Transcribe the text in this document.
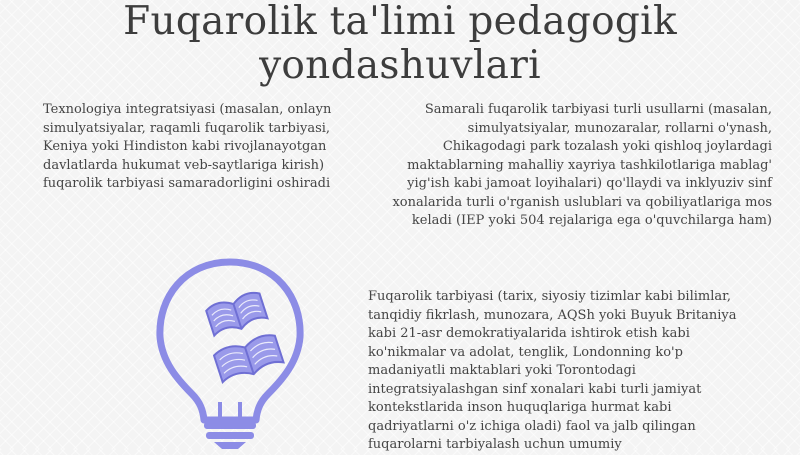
Fuqarolik ta'limi pedagogik yondashuvlari

Texnologiya integratsiyasi (masalan, onlayn simulyatsiyalar, raqamli fuqarolik tarbiyasi, Keniya yoki Hindiston kabi rivojlanayotgan davlatlarda hukumat veb-saytlariga kirish) fuqarolik tarbiyasi samaradorligini oshiradi

Samarali fuqarolik tarbiyasi turli usullarni (masalan, simulyatsiyalar, munozaralar, rollarni o'ynash, Chikagodagi park tozalash yoki qishloq joylardagi maktablarning mahalliy xayriya tashkilotlariga mablag' yig'ish kabi jamoat loyihalari) qo'llaydi va inklyuziv sinf xonalarida turli o'rganish uslublari va qobiliyatlariga mos keladi (IEP yoki 504 rejalariga ega o'quvchilarga ham)

Fuqarolik tarbiyasi (tarix, siyosiy tizimlar kabi bilimlar, tanqidiy fikrlash, munozara, AQSh yoki Buyuk Britaniya kabi 21-asr demokratiyalarida ishtirok etish kabi ko'nikmalar va adolat, tenglik, Londonning ko'p madaniyatli maktablari yoki Torontodagi integratsiyalashgan sinf xonalari kabi turli jamiyat kontekstlarida inson huquqlariga hurmat kabi qadriyatlarni o'z ichiga oladi) faol va jalb qilingan fuqarolarni tarbiyalash uchun umumiy
